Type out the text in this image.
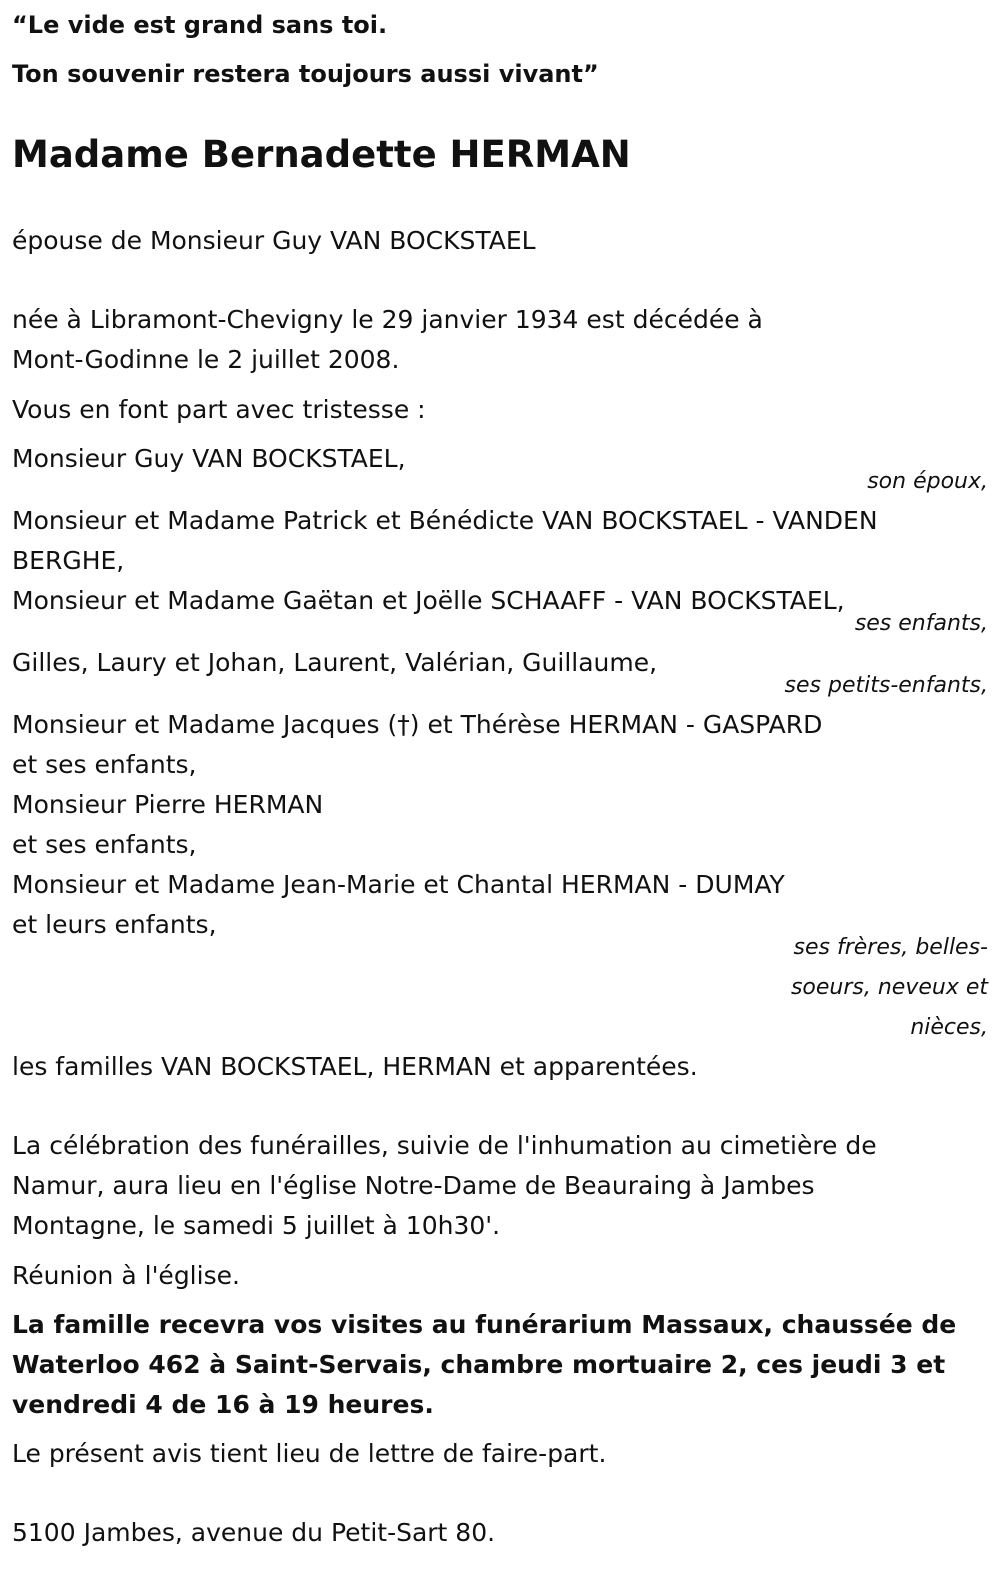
“Le vide est grand sans toi.
Ton souvenir restera toujours aussi vivant”
Madame Bernadette HERMAN
épouse de Monsieur Guy VAN BOCKSTAEL
née à Libramont-Chevigny le 29 janvier 1934 est décédée à
Mont-Godinne le 2 juillet 2008.
Vous en font part avec tristesse :
Monsieur Guy VAN BOCKSTAEL,
son époux,
Monsieur et Madame Patrick et Bénédicte VAN BOCKSTAEL - VANDEN
BERGHE,
Monsieur et Madame Gaëtan et Joëlle SCHAAFF - VAN BOCKSTAEL,
ses enfants,
Gilles, Laury et Johan, Laurent, Valérian, Guillaume,
ses petits-enfants,
Monsieur et Madame Jacques (†) et Thérèse HERMAN - GASPARD
et ses enfants,
Monsieur Pierre HERMAN
et ses enfants,
Monsieur et Madame Jean-Marie et Chantal HERMAN - DUMAY
et leurs enfants,
ses frères, belles-
soeurs, neveux et
nièces,
les familles VAN BOCKSTAEL, HERMAN et apparentées.
La célébration des funérailles, suivie de l'inhumation au cimetière de
Namur, aura lieu en l'église Notre-Dame de Beauraing à Jambes
Montagne, le samedi 5 juillet à 10h30'.
Réunion à l'église.
La famille recevra vos visites au funérarium Massaux, chaussée de
Waterloo 462 à Saint-Servais, chambre mortuaire 2, ces jeudi 3 et
vendredi 4 de 16 à 19 heures.
Le présent avis tient lieu de lettre de faire-part.
5100 Jambes, avenue du Petit-Sart 80.
